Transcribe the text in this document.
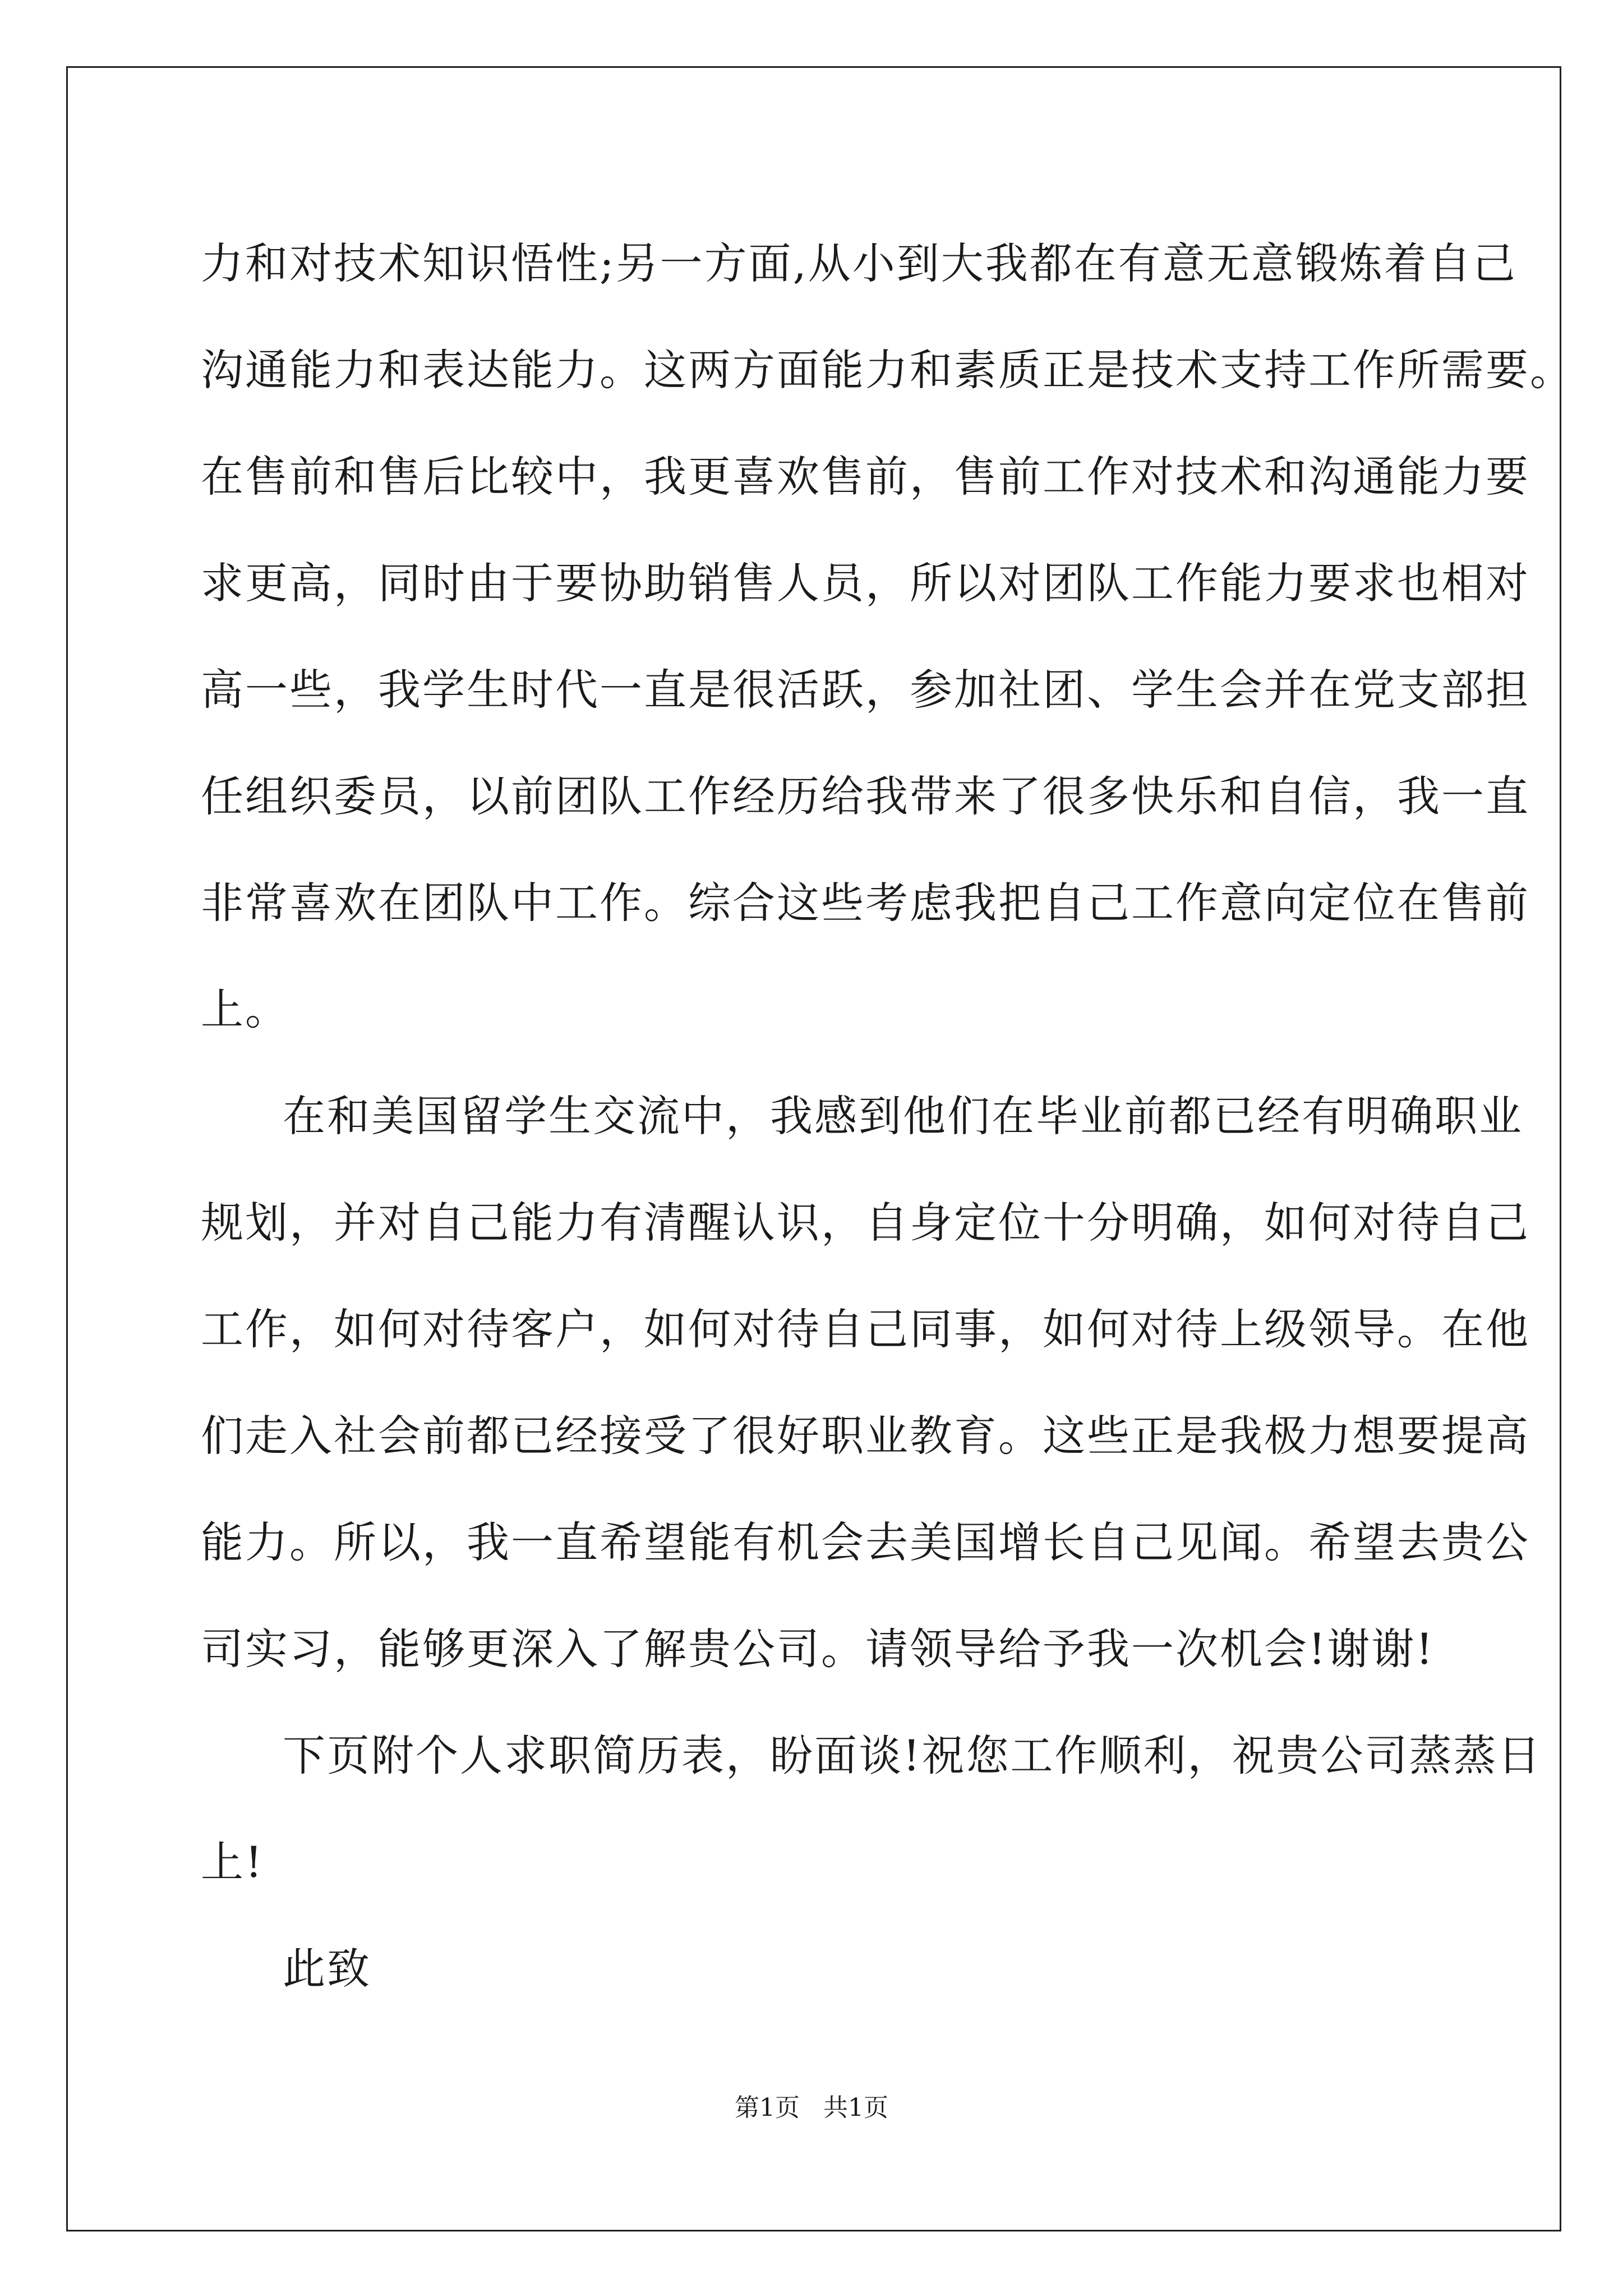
力和对技术知识悟性;另一方面,从小到大我都在有意无意锻炼着自己
沟通能力和表达能力。这两方面能力和素质正是技术支持工作所需要。
在售前和售后比较中，我更喜欢售前，售前工作对技术和沟通能力要
求更高，同时由于要协助销售人员，所以对团队工作能力要求也相对
高一些，我学生时代一直是很活跃，参加社团、学生会并在党支部担
任组织委员，以前团队工作经历给我带来了很多快乐和自信，我一直
非常喜欢在团队中工作。综合这些考虑我把自己工作意向定位在售前
上。
在和美国留学生交流中，我感到他们在毕业前都已经有明确职业
规划，并对自己能力有清醒认识，自身定位十分明确，如何对待自己
工作，如何对待客户，如何对待自己同事，如何对待上级领导。在他
们走入社会前都已经接受了很好职业教育。这些正是我极力想要提高
能力。所以，我一直希望能有机会去美国增长自己见闻。希望去贵公
司实习，能够更深入了解贵公司。请领导给予我一次机会!谢谢!
下页附个人求职简历表，盼面谈!祝您工作顺利，祝贵公司蒸蒸日
上!
此致
第1页 共1页
